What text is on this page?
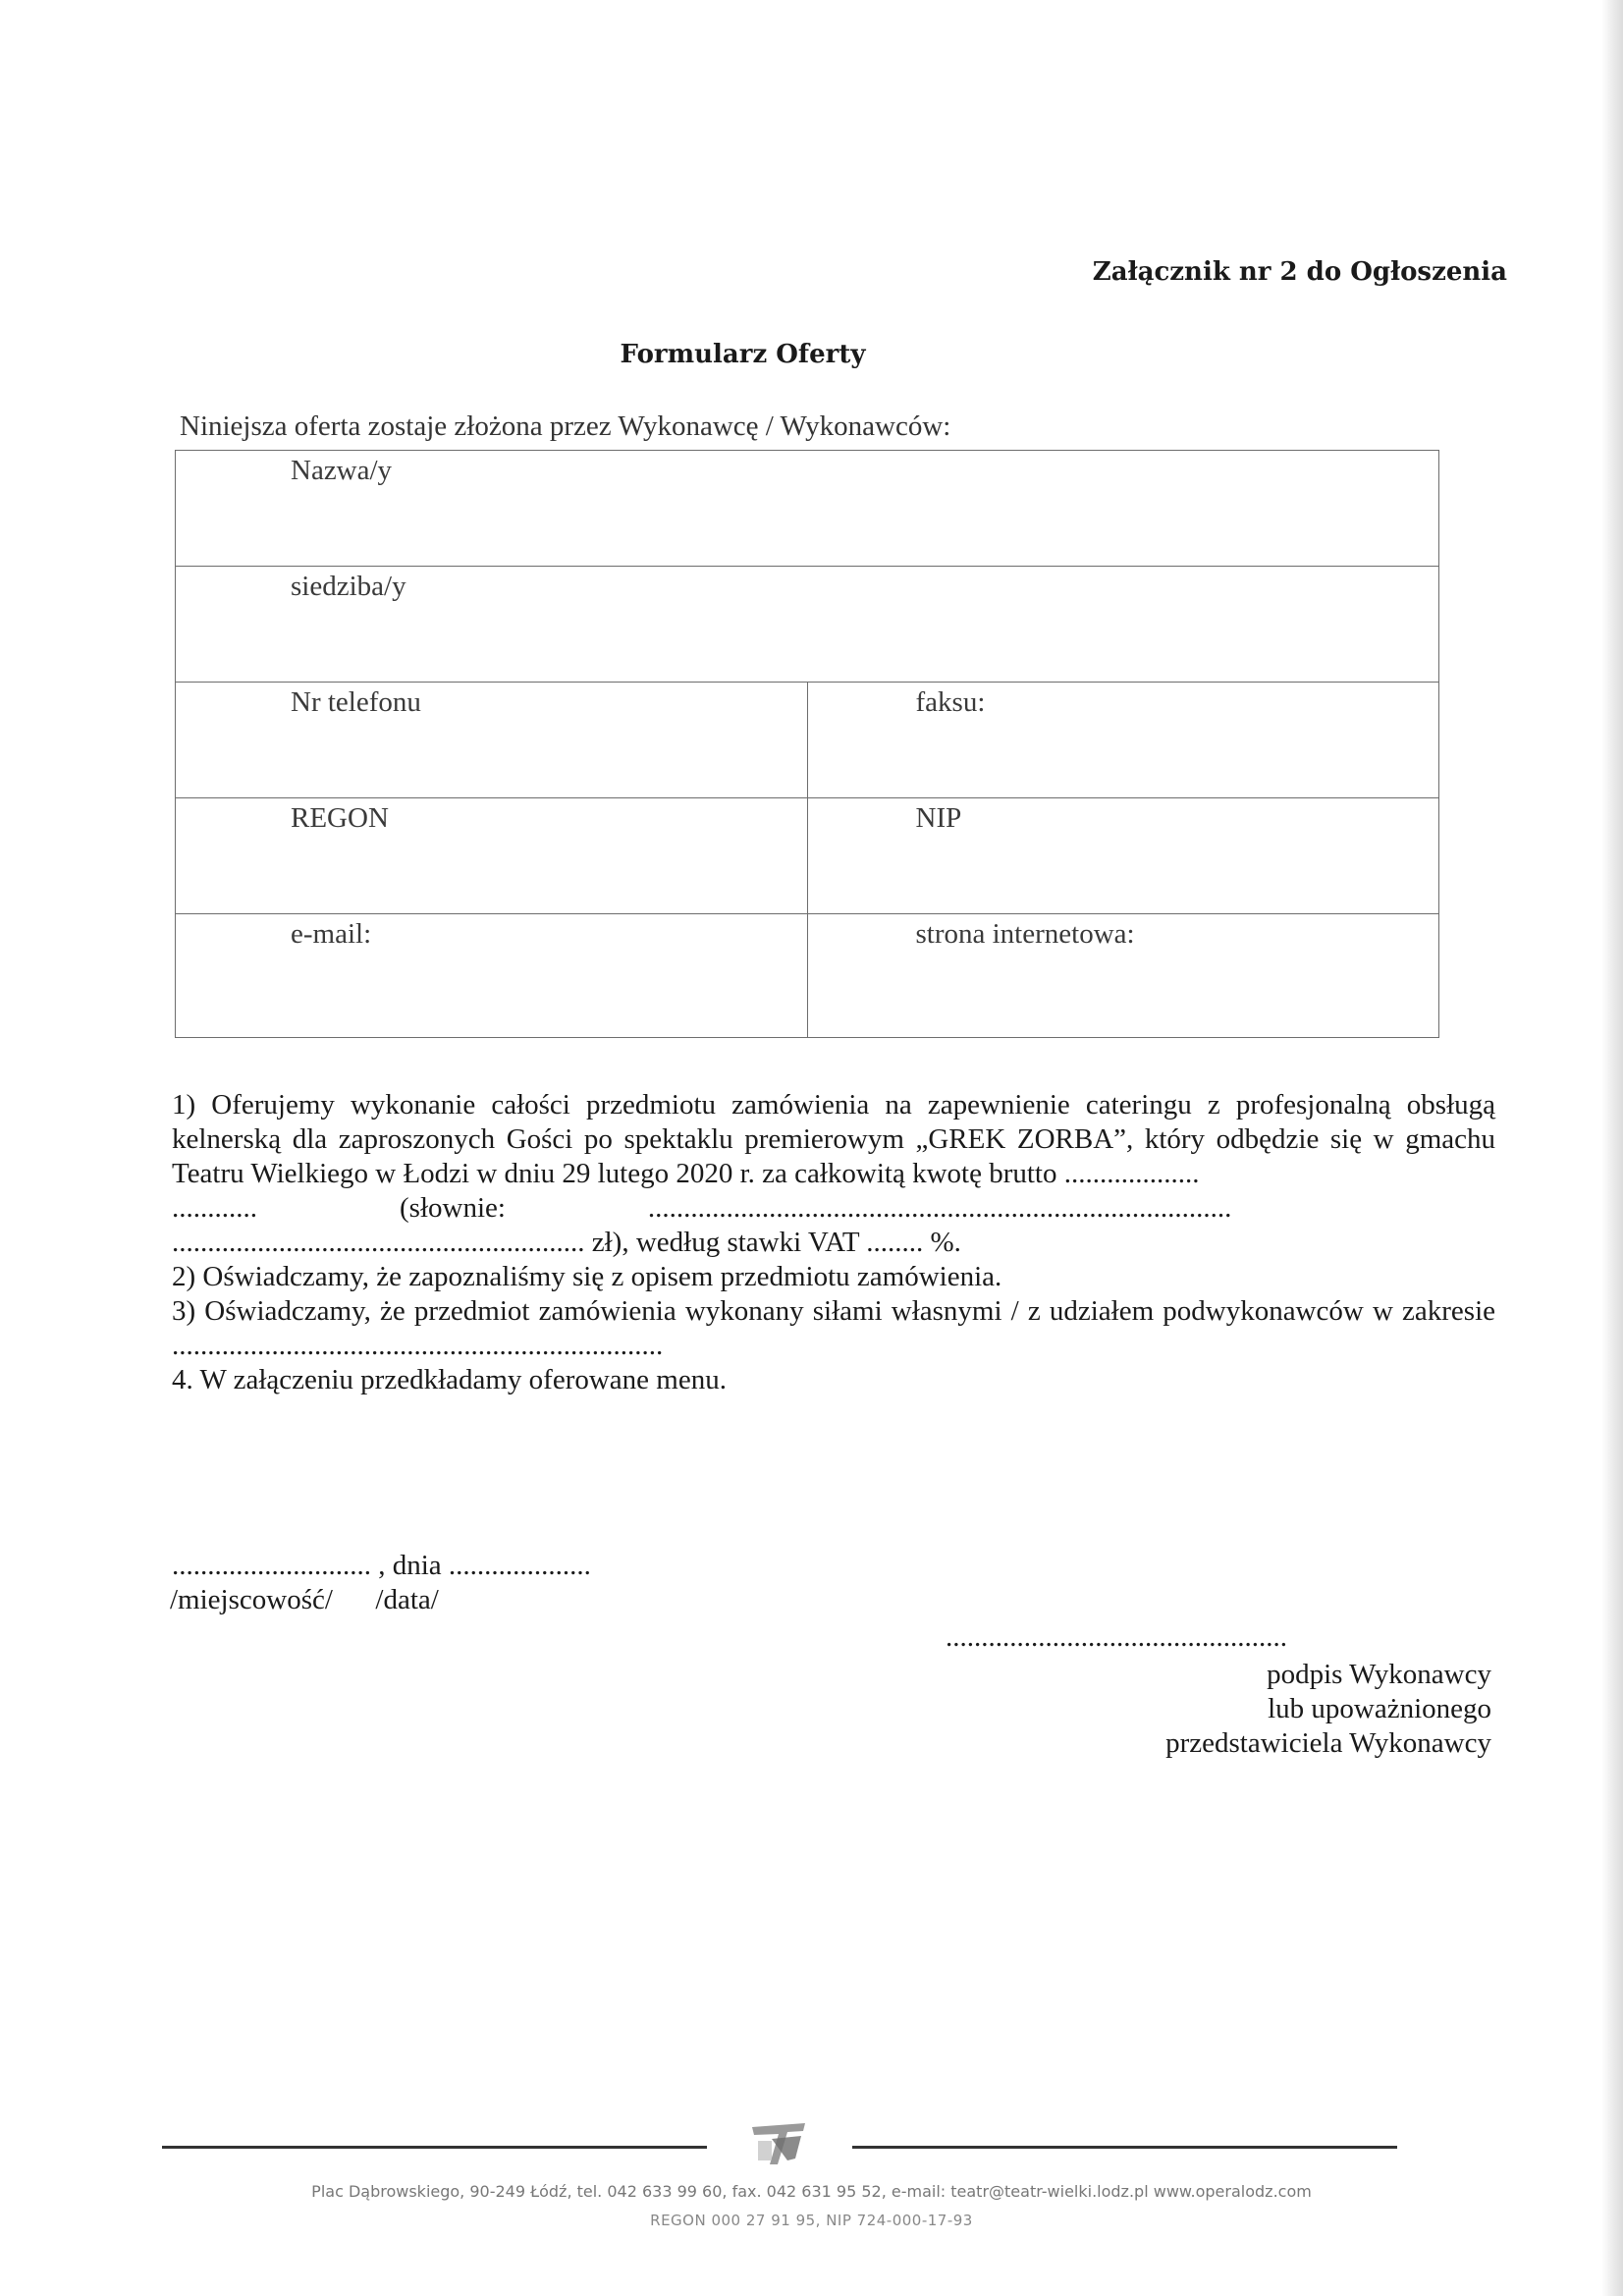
Załącznik nr 2 do Ogłoszenia
Formularz Oferty
Niniejsza oferta zostaje złożona przez Wykonawcę / Wykonawców:
Nazwa/y	
siedziba/y	
Nr telefonu	faksu:
REGON	NIP
e-mail:	strona internetowa:

1) Oferujemy wykonanie całości przedmiotu zamówienia na zapewnienie cateringu z profesjonalną obsługą kelnerską dla zaproszonych Gości po spektaklu premierowym „GREK ZORBA”, który odbędzie się w gmachu Teatru Wielkiego w Łodzi w dniu 29 lutego 2020 r. za całkowitą kwotę brutto ...................

............                    (słownie:                    ..................................................................................

.......................................................... zł), według stawki VAT ........ %.

2) Oświadczamy, że zapoznaliśmy się z opisem przedmiotu zamówienia.

3) Oświadczamy, że przedmiot zamówienia wykonany siłami własnymi / z udziałem podwykonawców w zakresie .....................................................................

4. W załączeniu przedkładamy oferowane menu.

............................ , dnia ....................
/miejscowość/ /data/
................................................
podpis Wykonawcy
lub upoważnionego
przedstawiciela Wykonawcy
Plac Dąbrowskiego, 90-249 Łódź, tel. 042 633 99 60, fax. 042 631 95 52, e-mail: teatr@teatr-wielki.lodz.pl www.operalodz.com
REGON 000 27 91 95, NIP 724-000-17-93
